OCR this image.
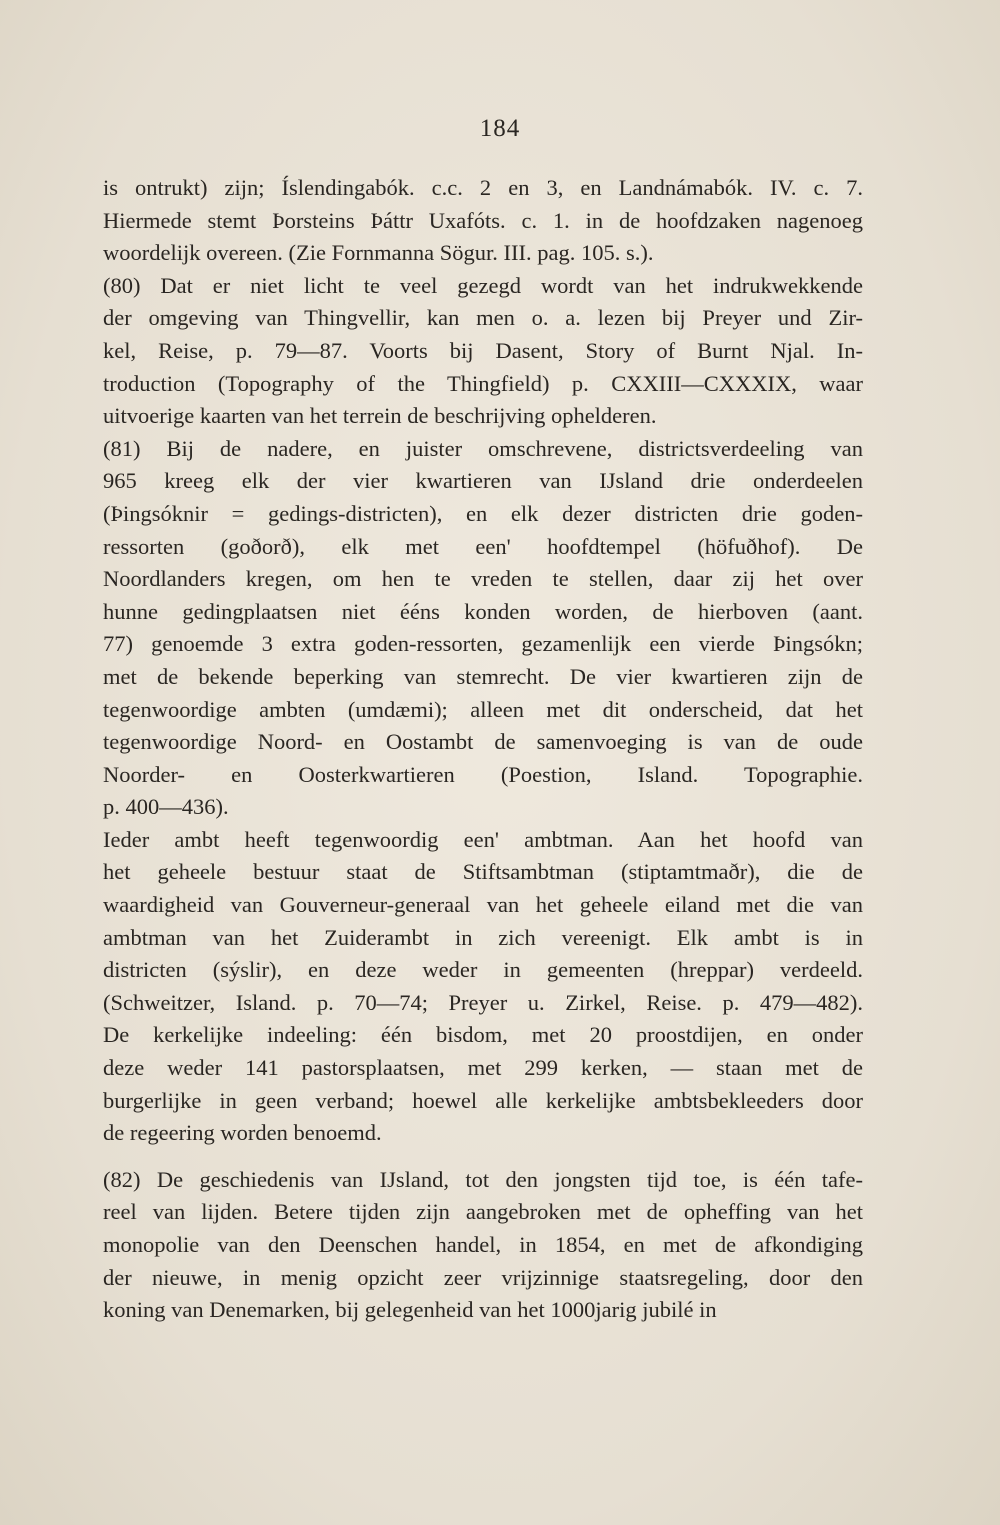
184
is ontrukt) zijn; Íslendingabók. c.c. 2 en 3, en Landnámabók. IV. c. 7.
Hiermede stemt Þorsteins Þáttr Uxafóts. c. 1. in de hoofdzaken nagenoeg
woordelijk overeen. (Zie Fornmanna Sögur. III. pag. 105. s.).
(80) Dat er niet licht te veel gezegd wordt van het indrukwekkende
der omgeving van Thingvellir, kan men o. a. lezen bij Preyer und Zir-
kel, Reise, p. 79—87. Voorts bij Dasent, Story of Burnt Njal. In-
troduction (Topography of the Thingfield) p. CXXIII—CXXXIX, waar
uitvoerige kaarten van het terrein de beschrijving ophelderen.
(81) Bij de nadere, en juister omschrevene, districtsverdeeling van
965 kreeg elk der vier kwartieren van IJsland drie onderdeelen
(Þingsóknir = gedings-districten), en elk dezer districten drie goden-
ressorten (goðorð), elk met een' hoofdtempel (höfuðhof). De
Noordlanders kregen, om hen te vreden te stellen, daar zij het over
hunne gedingplaatsen niet ééns konden worden, de hierboven (aant.
77) genoemde 3 extra goden-ressorten, gezamenlijk een vierde Þingsókn;
met de bekende beperking van stemrecht. De vier kwartieren zijn de
tegenwoordige ambten (umdæmi); alleen met dit onderscheid, dat het
tegenwoordige Noord- en Oostambt de samenvoeging is van de oude
Noorder- en Oosterkwartieren (Poestion, Island. Topographie.
p. 400—436).
Ieder ambt heeft tegenwoordig een' ambtman. Aan het hoofd van
het geheele bestuur staat de Stiftsambtman (stiptamtmaðr), die de
waardigheid van Gouverneur-generaal van het geheele eiland met die van
ambtman van het Zuiderambt in zich vereenigt. Elk ambt is in
districten (sýslir), en deze weder in gemeenten (hreppar) verdeeld.
(Schweitzer, Island. p. 70—74; Preyer u. Zirkel, Reise. p. 479—482).
De kerkelijke indeeling: één bisdom, met 20 proostdijen, en onder
deze weder 141 pastorsplaatsen, met 299 kerken, — staan met de
burgerlijke in geen verband; hoewel alle kerkelijke ambtsbekleeders door
de regeering worden benoemd.
(82) De geschiedenis van IJsland, tot den jongsten tijd toe, is één tafe-
reel van lijden. Betere tijden zijn aangebroken met de opheffing van het
monopolie van den Deenschen handel, in 1854, en met de afkondiging
der nieuwe, in menig opzicht zeer vrijzinnige staatsregeling, door den
koning van Denemarken, bij gelegenheid van het 1000jarig jubilé in
